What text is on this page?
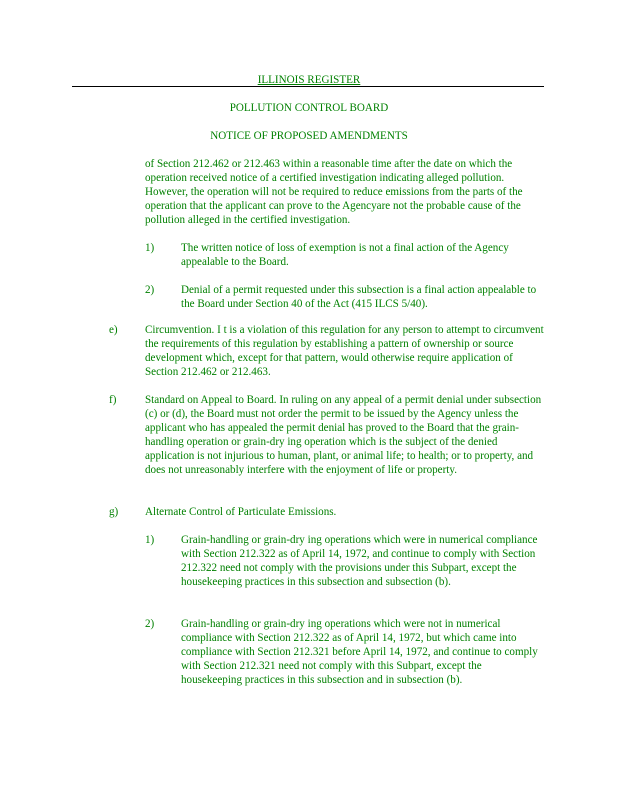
ILLINOIS REGISTER
POLLUTION CONTROL BOARD
NOTICE OF PROPOSED AMENDMENTS

of Section 212.462 or 212.463 within a reasonable time after the date on which the operation received notice of a certified investigation indicating alleged pollution. However, the operation will not be required to reduce emissions from the parts of the operation that the applicant can prove to the Agencyare not the probable cause of the pollution alleged in the certified investigation.

1) The written notice of loss of exemption is not a final action of the Agency appealable to the Board.

2) Denial of a permit requested under this subsection is a final action appealable to the Board under Section 40 of the Act (415 ILCS 5/40).

e) Circumvention. I t is a violation of this regulation for any person to attempt to circumvent the requirements of this regulation by establishing a pattern of ownership or source development which, except for that pattern, would otherwise require application of Section 212.462 or 212.463.

f)	Standard on Appeal to Board. In ruling on any appeal of a permit denial under subsection (c) or (d), the Board must not order the permit to be issued by the Agency unless the applicant who has appealed the permit denial has proved to the Board that the grain-handling operation or grain-dry ing operation which is the subject of the denied application is not injurious to human, plant, or animal life; to health; or to property, and does not unreasonably interfere with the enjoyment of life or property.

g) Alternate Control of Particulate Emissions.

1) Grain-handling or grain-dry ing operations which were in numerical compliance with Section 212.322 as of April 14, 1972, and continue to comply with Section 212.322 need not comply with the provisions under this Subpart, except the housekeeping practices in this subsection and subsection (b).

2) Grain-handling or grain-dry ing operations which were not in numerical compliance with Section 212.322 as of April 14, 1972, but which came into compliance with Section 212.321 before April 14, 1972, and continue to comply with Section 212.321 need not comply with this Subpart, except the housekeeping practices in this subsection and in subsection (b).
